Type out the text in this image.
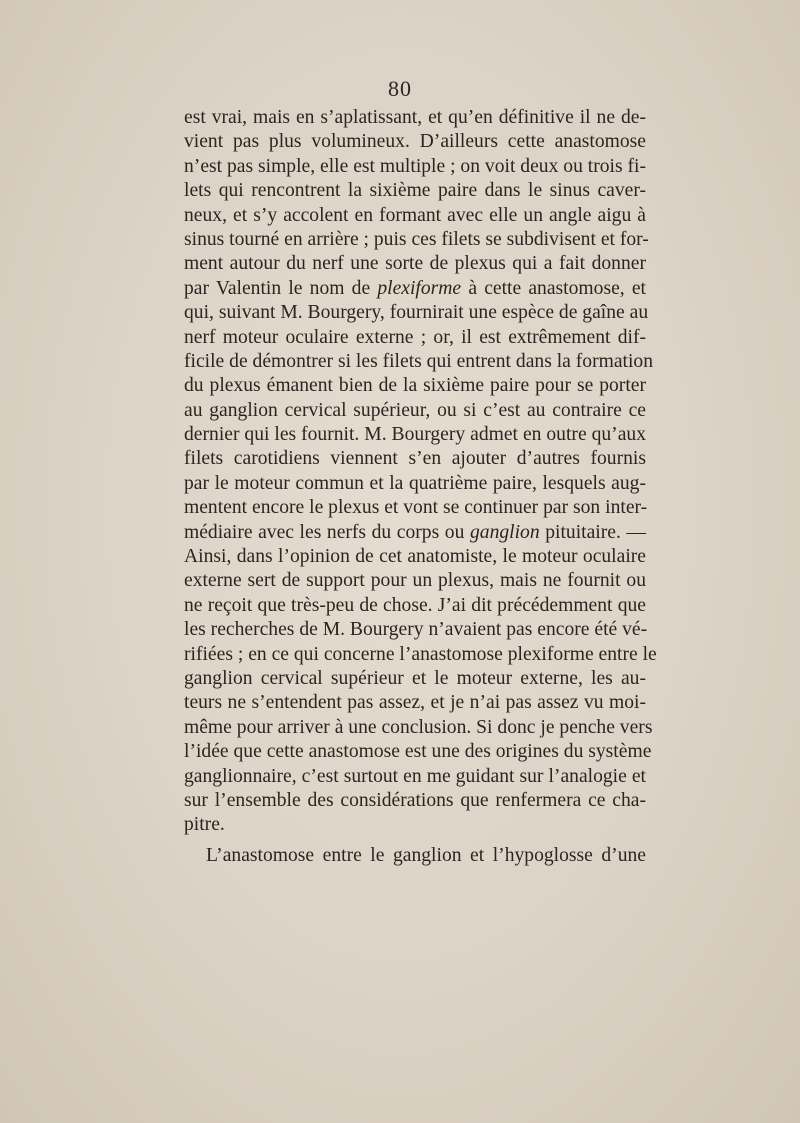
80
est vrai, mais en s’aplatissant, et qu’en définitive il ne de-
vient pas plus volumineux. D’ailleurs cette anastomose
n’est pas simple, elle est multiple ; on voit deux ou trois fi-
lets qui rencontrent la sixième paire dans le sinus caver-
neux, et s’y accolent en formant avec elle un angle aigu à
sinus tourné en arrière ; puis ces filets se subdivisent et for-
ment autour du nerf une sorte de plexus qui a fait donner
par Valentin le nom de plexiforme à cette anastomose, et
qui, suivant M. Bourgery, fournirait une espèce de gaîne au
nerf moteur oculaire externe ; or, il est extrêmement dif-
ficile de démontrer si les filets qui entrent dans la formation
du plexus émanent bien de la sixième paire pour se porter
au ganglion cervical supérieur, ou si c’est au contraire ce
dernier qui les fournit. M. Bourgery admet en outre qu’aux
filets carotidiens viennent s’en ajouter d’autres fournis
par le moteur commun et la quatrième paire, lesquels aug-
mentent encore le plexus et vont se continuer par son inter-
médiaire avec les nerfs du corps ou ganglion pituitaire. —
Ainsi, dans l’opinion de cet anatomiste, le moteur oculaire
externe sert de support pour un plexus, mais ne fournit ou
ne reçoit que très-peu de chose. J’ai dit précédemment que
les recherches de M. Bourgery n’avaient pas encore été vé-
rifiées ; en ce qui concerne l’anastomose plexiforme entre le
ganglion cervical supérieur et le moteur externe, les au-
teurs ne s’entendent pas assez, et je n’ai pas assez vu moi-
même pour arriver à une conclusion. Si donc je penche vers
l’idée que cette anastomose est une des origines du système
ganglionnaire, c’est surtout en me guidant sur l’analogie et
sur l’ensemble des considérations que renfermera ce cha-
pitre.
L’anastomose entre le ganglion et l’hypoglosse d’une
